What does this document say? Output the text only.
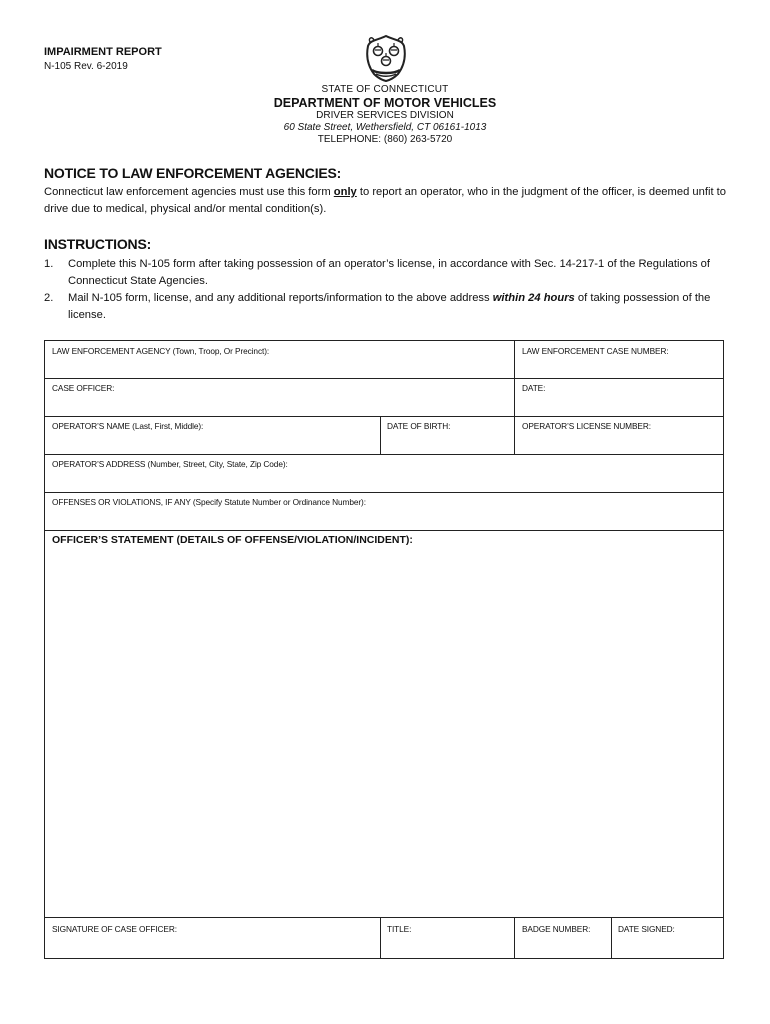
IMPAIRMENT REPORT
N-105 Rev. 6-2019
STATE OF CONNECTICUT
DEPARTMENT OF MOTOR VEHICLES
DRIVER SERVICES DIVISION
60 State Street, Wethersfield, CT 06161-1013
TELEPHONE: (860) 263-5720
NOTICE TO LAW ENFORCEMENT AGENCIES:
Connecticut law enforcement agencies must use this form only to report an operator, who in the judgment of the officer, is deemed unfit to drive due to medical, physical and/or mental condition(s).
INSTRUCTIONS:
1. Complete this N-105 form after taking possession of an operator’s license, in accordance with Sec. 14-217-1 of the Regulations of Connecticut State Agencies.
2. Mail N-105 form, license, and any additional reports/information to the above address within 24 hours of taking possession of the license.
LAW ENFORCEMENT AGENCY (Town, Troop, Or Precinct):	LAW ENFORCEMENT CASE NUMBER:
CASE OFFICER:	DATE:
OPERATOR’S NAME (Last, First, Middle):	DATE OF BIRTH:	OPERATOR’S LICENSE NUMBER:
OPERATOR’S ADDRESS (Number, Street, City, State, Zip Code):
OFFENSES OR VIOLATIONS, IF ANY (Specify Statute Number or Ordinance Number):
OFFICER’S STATEMENT (DETAILS OF OFFENSE/VIOLATION/INCIDENT):
SIGNATURE OF CASE OFFICER:	TITLE:	BADGE NUMBER:	DATE SIGNED:
